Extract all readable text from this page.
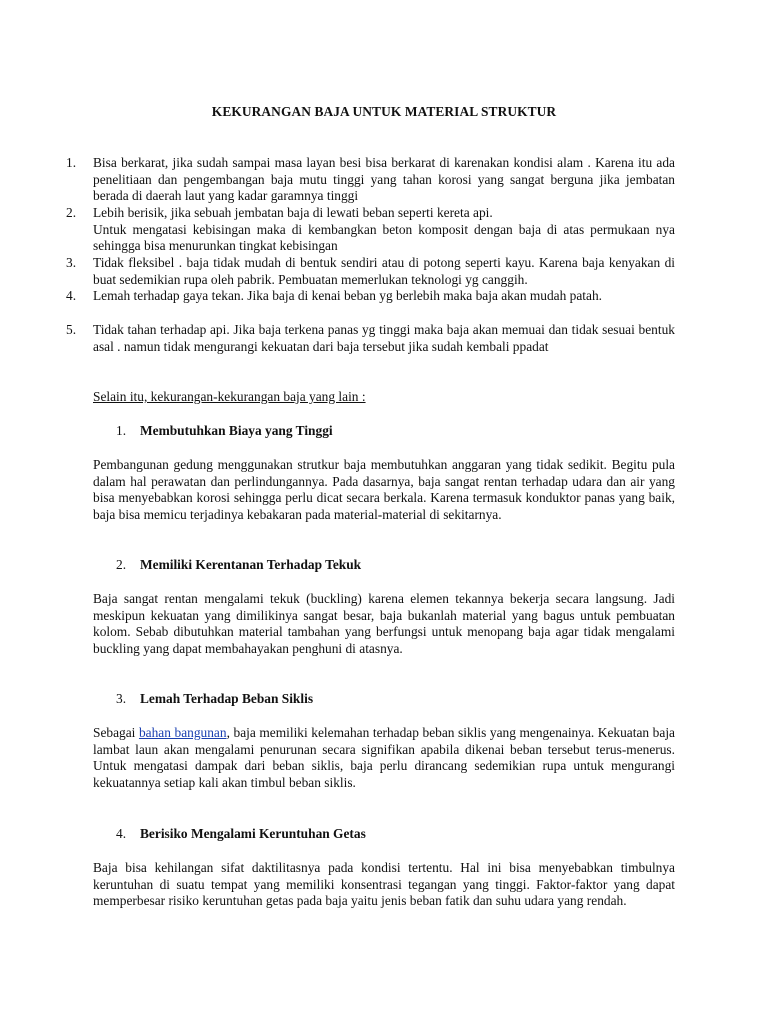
KEKURANGAN BAJA UNTUK MATERIAL STRUKTUR
1. Bisa berkarat, jika sudah sampai masa layan besi bisa berkarat di karenakan kondisi alam . Karena itu ada penelitiaan dan pengembangan baja mutu tinggi yang tahan korosi yang sangat berguna jika jembatan berada di daerah laut yang kadar garamnya tinggi
2. Lebih berisik, jika sebuah jembatan baja di lewati beban seperti kereta api.
Untuk mengatasi kebisingan maka di kembangkan beton komposit dengan baja di atas permukaan nya sehingga bisa menurunkan tingkat kebisingan
3. Tidak fleksibel . baja tidak mudah di bentuk sendiri atau di potong seperti kayu. Karena baja kenyakan di buat sedemikian rupa oleh pabrik. Pembuatan memerlukan teknologi yg canggih.
4. Lemah terhadap gaya tekan. Jika baja di kenai beban yg berlebih maka baja akan mudah patah.
5. Tidak tahan terhadap api. Jika baja terkena panas yg tinggi maka baja akan memuai dan tidak sesuai bentuk asal . namun tidak mengurangi kekuatan dari baja tersebut jika sudah kembali ppadat
Selain itu, kekurangan-kekurangan baja yang lain :
1. Membutuhkan Biaya yang Tinggi
Pembangunan gedung menggunakan strutkur baja membutuhkan anggaran yang tidak sedikit. Begitu pula dalam hal perawatan dan perlindungannya. Pada dasarnya, baja sangat rentan terhadap udara dan air yang bisa menyebabkan korosi sehingga perlu dicat secara berkala. Karena termasuk konduktor panas yang baik, baja bisa memicu terjadinya kebakaran pada material-material di sekitarnya.
2. Memiliki Kerentanan Terhadap Tekuk
Baja sangat rentan mengalami tekuk (buckling) karena elemen tekannya bekerja secara langsung. Jadi meskipun kekuatan yang dimilikinya sangat besar, baja bukanlah material yang bagus untuk pembuatan kolom. Sebab dibutuhkan material tambahan yang berfungsi untuk menopang baja agar tidak mengalami buckling yang dapat membahayakan penghuni di atasnya.
3. Lemah Terhadap Beban Siklis
Sebagai bahan bangunan, baja memiliki kelemahan terhadap beban siklis yang mengenainya. Kekuatan baja lambat laun akan mengalami penurunan secara signifikan apabila dikenai beban tersebut terus-menerus. Untuk mengatasi dampak dari beban siklis, baja perlu dirancang sedemikian rupa untuk mengurangi kekuatannya setiap kali akan timbul beban siklis.
4. Berisiko Mengalami Keruntuhan Getas
Baja bisa kehilangan sifat daktilitasnya pada kondisi tertentu. Hal ini bisa menyebabkan timbulnya keruntuhan di suatu tempat yang memiliki konsentrasi tegangan yang tinggi. Faktor-faktor yang dapat memperbesar risiko keruntuhan getas pada baja yaitu jenis beban fatik dan suhu udara yang rendah.
